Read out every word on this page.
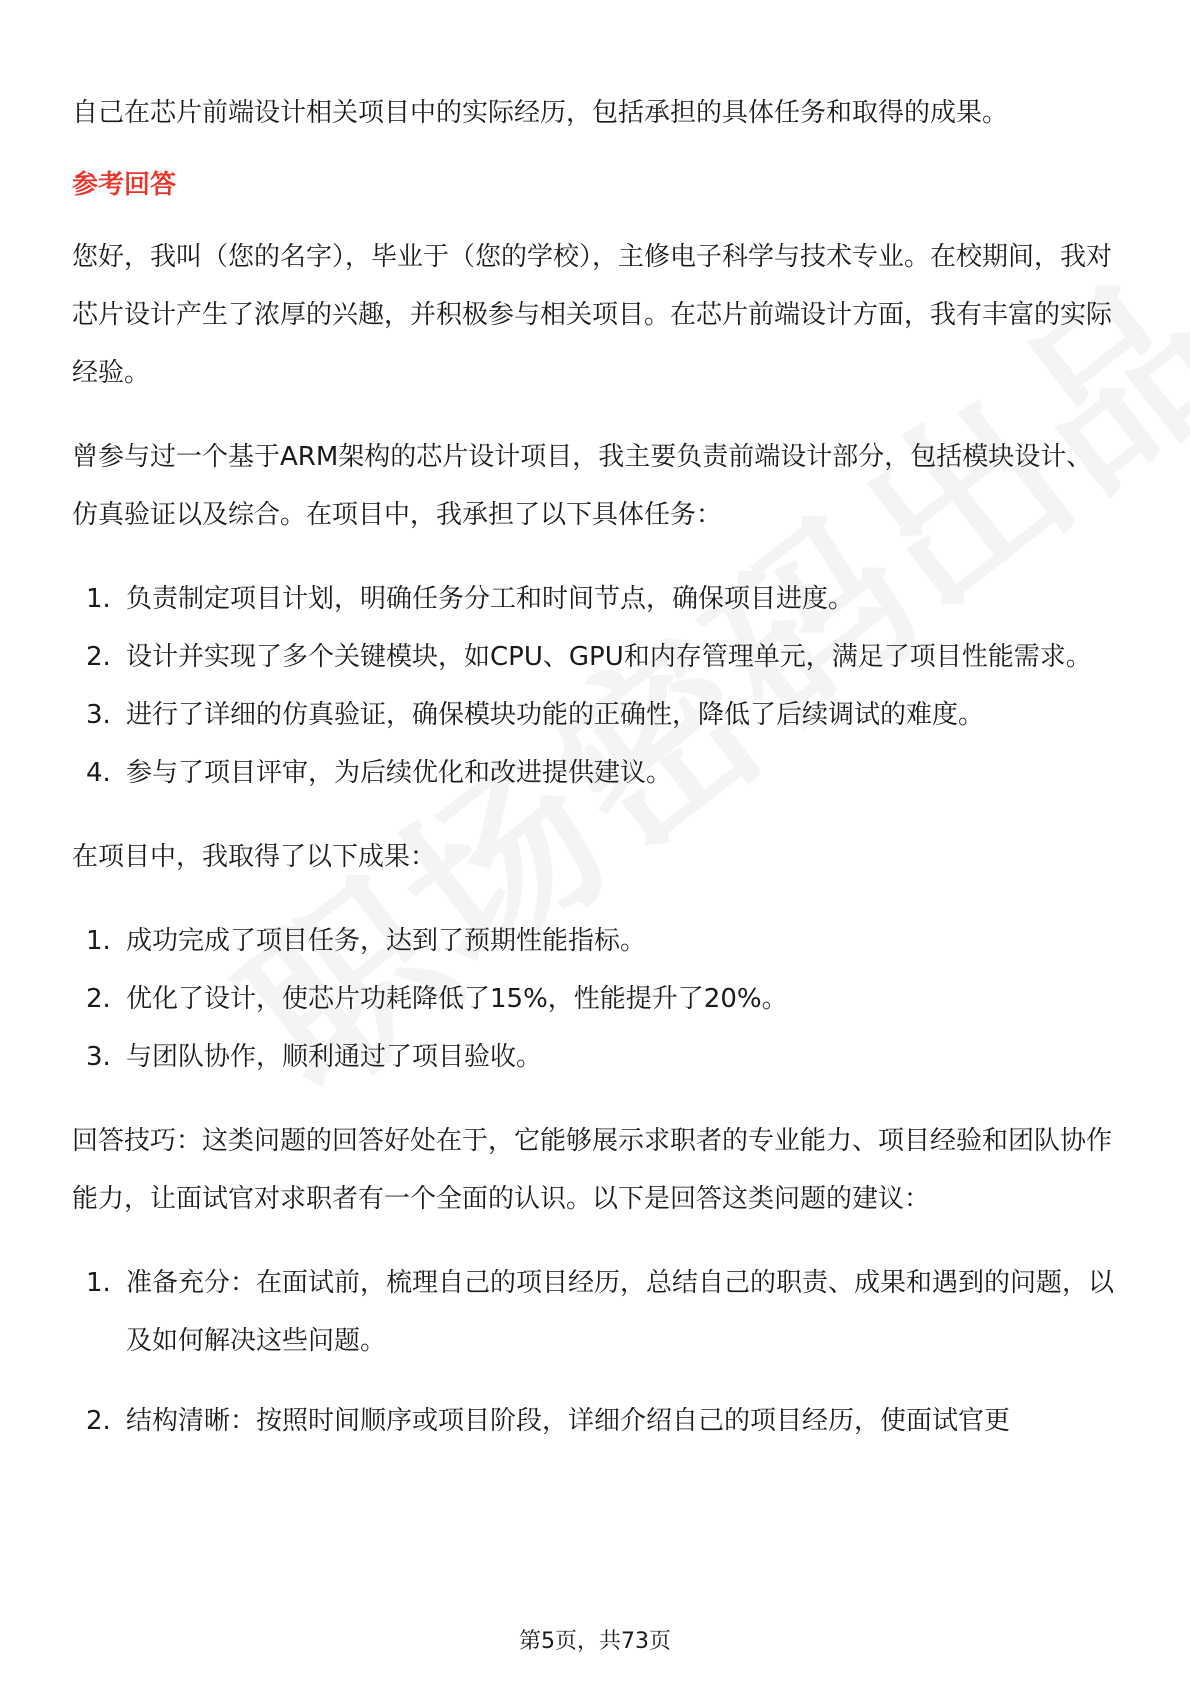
自己在芯片前端设计相关项目中的实际经历，包括承担的具体任务和取得的成果。

参考回答

您好，我叫（您的名字），毕业于（您的学校），主修电子科学与技术专业。在校期间，我对芯片设计产生了浓厚的兴趣，并积极参与相关项目。在芯片前端设计方面，我有丰富的实际经验。

曾参与过一个基于ARM架构的芯片设计项目，我主要负责前端设计部分，包括模块设计、仿真验证以及综合。在项目中，我承担了以下具体任务：

1. 负责制定项目计划，明确任务分工和时间节点，确保项目进度。
2. 设计并实现了多个关键模块，如CPU、GPU和内存管理单元，满足了项目性能需求。
3. 进行了详细的仿真验证，确保模块功能的正确性，降低了后续调试的难度。
4. 参与了项目评审，为后续优化和改进提供建议。

在项目中，我取得了以下成果：

1. 成功完成了项目任务，达到了预期性能指标。
2. 优化了设计，使芯片功耗降低了15%，性能提升了20%。
3. 与团队协作，顺利通过了项目验收。

回答技巧：这类问题的回答好处在于，它能够展示求职者的专业能力、项目经验和团队协作能力，让面试官对求职者有一个全面的认识。以下是回答这类问题的建议：

1. 准备充分：在面试前，梳理自己的项目经历，总结自己的职责、成果和遇到的问题，以及如何解决这些问题。
2. 结构清晰：按照时间顺序或项目阶段，详细介绍自己的项目经历，使面试官更
第5页，共73页
